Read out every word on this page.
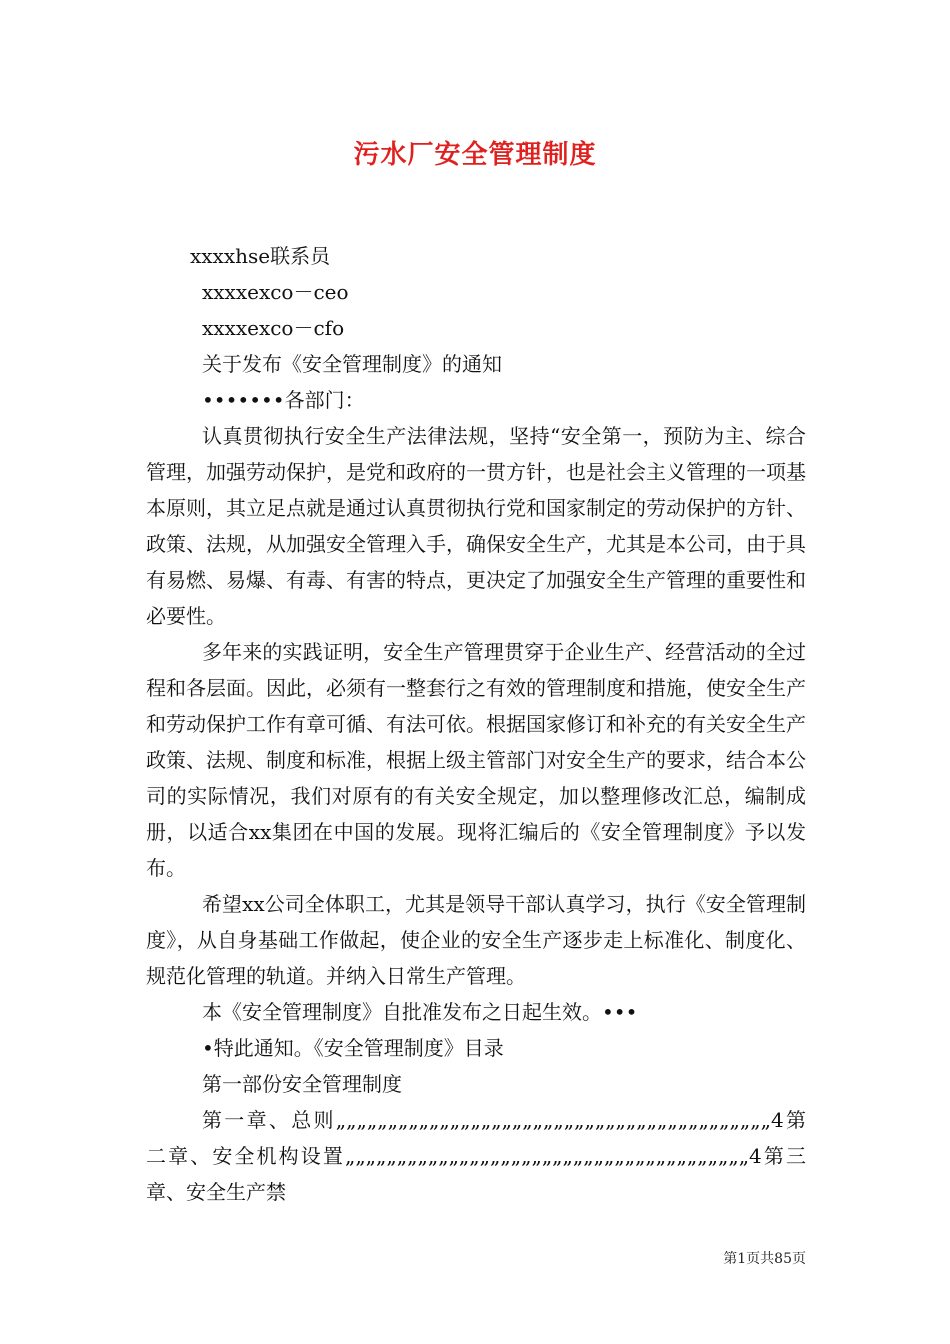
污水厂安全管理制度
xxxxhse联系员
xxxxexco－ceo
xxxxexco－cfo
关于发布《安全管理制度》的通知
•••••••各部门：
认真贯彻执行安全生产法律法规，坚持“安全第一，预防为主、综合管理，加强劳动保护，是党和政府的一贯方针，也是社会主义管理的一项基本原则，其立足点就是通过认真贯彻执行党和国家制定的劳动保护的方针、政策、法规，从加强安全管理入手，确保安全生产，尤其是本公司，由于具有易燃、易爆、有毒、有害的特点，更决定了加强安全生产管理的重要性和必要性。
多年来的实践证明，安全生产管理贯穿于企业生产、经营活动的全过程和各层面。因此，必须有一整套行之有效的管理制度和措施，使安全生产和劳动保护工作有章可循、有法可依。根据国家修订和补充的有关安全生产政策、法规、制度和标准，根据上级主管部门对安全生产的要求，结合本公司的实际情况，我们对原有的有关安全规定，加以整理修改汇总，编制成册，以适合xx集团在中国的发展。现将汇编后的《安全管理制度》予以发布。
希望xx公司全体职工，尤其是领导干部认真学习，执行《安全管理制度》，从自身基础工作做起，使企业的安全生产逐步走上标准化、制度化、规范化管理的轨道。并纳入日常生产管理。
本《安全管理制度》自批准发布之日起生效。•••
•特此通知。《安全管理制度》目录
第一部份安全管理制度
第一章、总则„„„„„„„„„„„„„„„„„„„„„„„„„„„„„„„„„„„„„„„„„„4第二章、安全机构设置„„„„„„„„„„„„„„„„„„„„„„„„„„„„„„„„„„„„„„„4第三章、安全生产禁
第1页共85页
